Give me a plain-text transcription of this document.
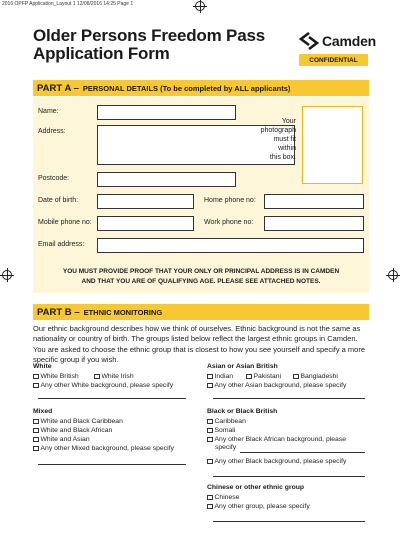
2016 OPFP Application_Layout 1 12/08/2016 14:25 Page 1
Older Persons Freedom Pass
Application Form
Camden
CONFIDENTIAL
PART A – PERSONAL DETAILS (To be completed by ALL applicants)
Name:
Address:
Your
photograph
must fit
within
this box.
Postcode:
Date of birth:	Home phone no:
Mobile phone no:	Work phone no:
Email address:
YOU MUST PROVIDE PROOF THAT YOUR ONLY OR PRINCIPAL ADDRESS IS IN CAMDEN
AND THAT YOU ARE OF QUALIFYING AGE. PLEASE SEE ATTACHED NOTES.
PART B – ETHNIC MONITORING
Our ethnic background describes how we think of ourselves. Ethnic background is not the same as nationality or country of birth. The groups listed below reflect the largest ethnic groups in Camden. You are asked to choose the ethnic group that is closest to how you see yourself and specify a more specific group if you wish.
White
White British	White Irish
Any other White background, please specify
Asian or Asian British
Indian	Pakistani	Bangladeshi
Any other Asian background, please specify
Mixed
White and Black Caribbean
White and Black African
White and Asian
Any other Mixed background, please specify
Black or Black British
Caribbean
Somali
Any other Black African background, please
specify
Any other Black background, please specify
Chinese or other ethnic group
Chinese
Any other group, please specify
